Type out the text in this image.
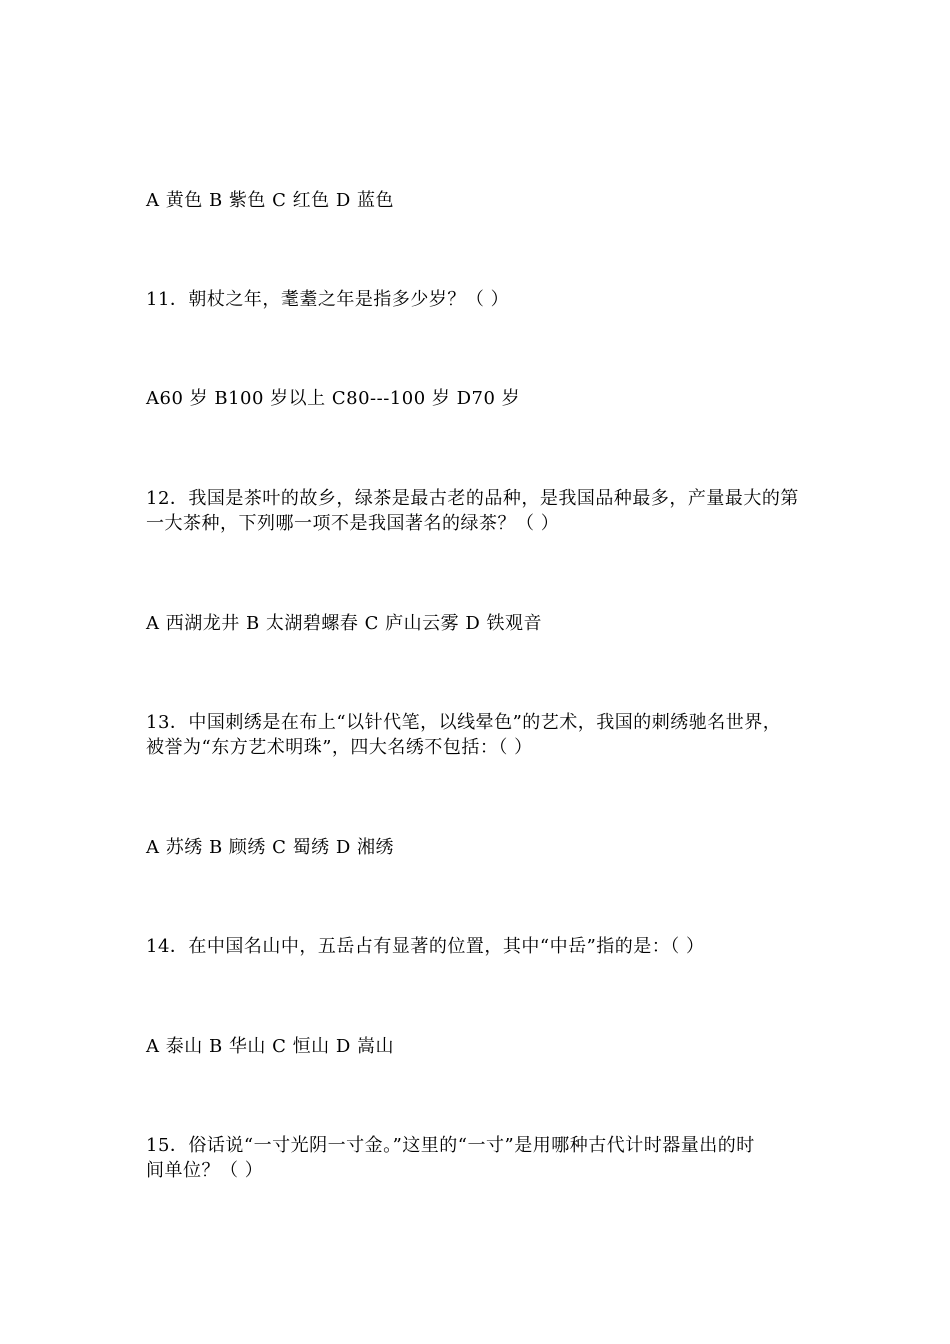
A 黄色 B 紫色 C 红色 D 蓝色
11．朝杖之年，耄耋之年是指多少岁？（ ）
A60 岁 B100 岁以上 C80---100 岁 D70 岁
12．我国是茶叶的故乡，绿茶是最古老的品种，是我国品种最多，产量最大的第
一大茶种，下列哪一项不是我国著名的绿茶？（ ）
A 西湖龙井 B 太湖碧螺春 C 庐山云雾 D 铁观音
13．中国刺绣是在布上“以针代笔，以线晕色”的艺术，我国的刺绣驰名世界，
被誉为“东方艺术明珠”，四大名绣不包括：（ ）
A 苏绣 B 顾绣 C 蜀绣 D 湘绣
14．在中国名山中，五岳占有显著的位置，其中“中岳”指的是：（ ）
A 泰山 B 华山 C 恒山 D 嵩山
15．俗话说“一寸光阴一寸金。”这里的“一寸”是用哪种古代计时器量出的时
间单位？（ ）
